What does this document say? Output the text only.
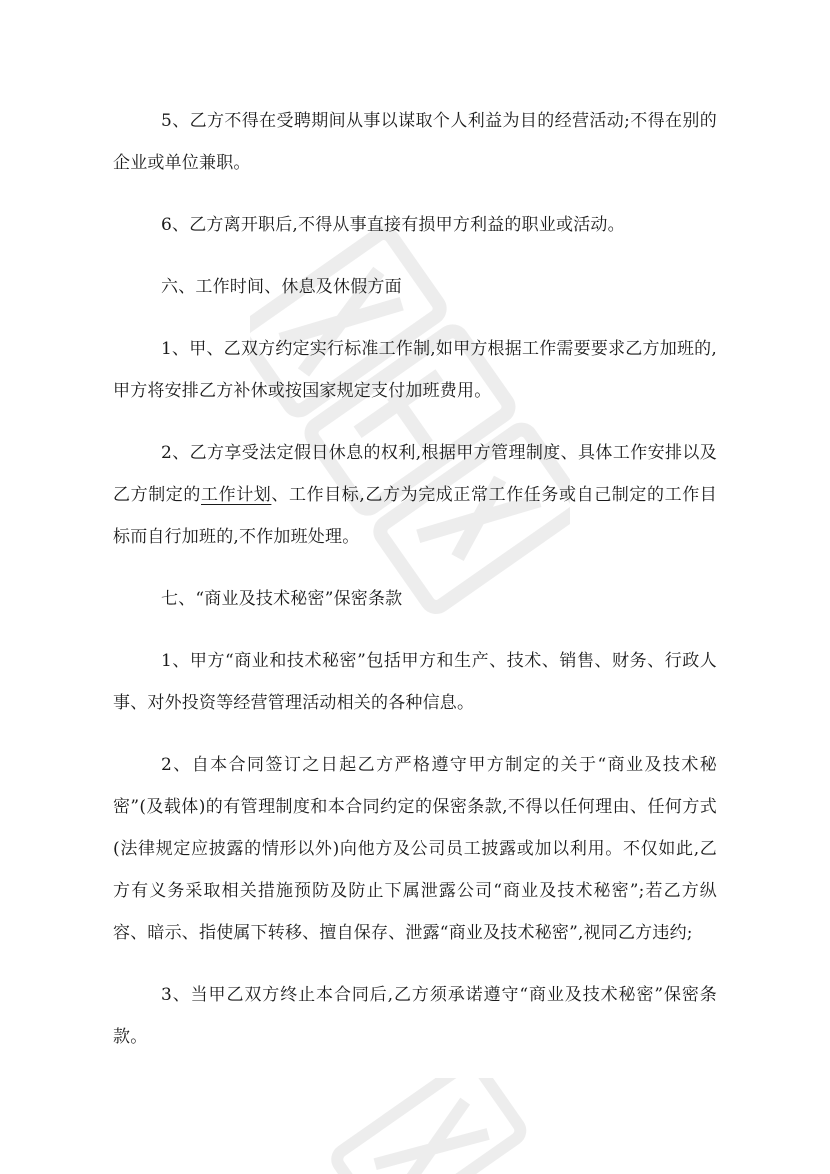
5、乙方不得在受聘期间从事以谋取个人利益为目的经营活动;不得在别的企业或单位兼职。

6、乙方离开职后,不得从事直接有损甲方利益的职业或活动。

六、工作时间、休息及休假方面

1、甲、乙双方约定实行标准工作制,如甲方根据工作需要要求乙方加班的,甲方将安排乙方补休或按国家规定支付加班费用。

2、乙方享受法定假日休息的权利,根据甲方管理制度、具体工作安排以及乙方制定的工作计划、工作目标,乙方为完成正常工作任务或自己制定的工作目标而自行加班的,不作加班处理。

七、“商业及技术秘密”保密条款

1、甲方“商业和技术秘密”包括甲方和生产、技术、销售、财务、行政人事、对外投资等经营管理活动相关的各种信息。

2、自本合同签订之日起乙方严格遵守甲方制定的关于“商业及技术秘密”(及载体)的有管理制度和本合同约定的保密条款,不得以任何理由、任何方式(法律规定应披露的情形以外)向他方及公司员工披露或加以利用。不仅如此,乙方有义务采取相关措施预防及防止下属泄露公司“商业及技术秘密”;若乙方纵容、暗示、指使属下转移、擅自保存、泄露“商业及技术秘密”,视同乙方违约;

3、当甲乙双方终止本合同后,乙方须承诺遵守“商业及技术秘密”保密条款。
